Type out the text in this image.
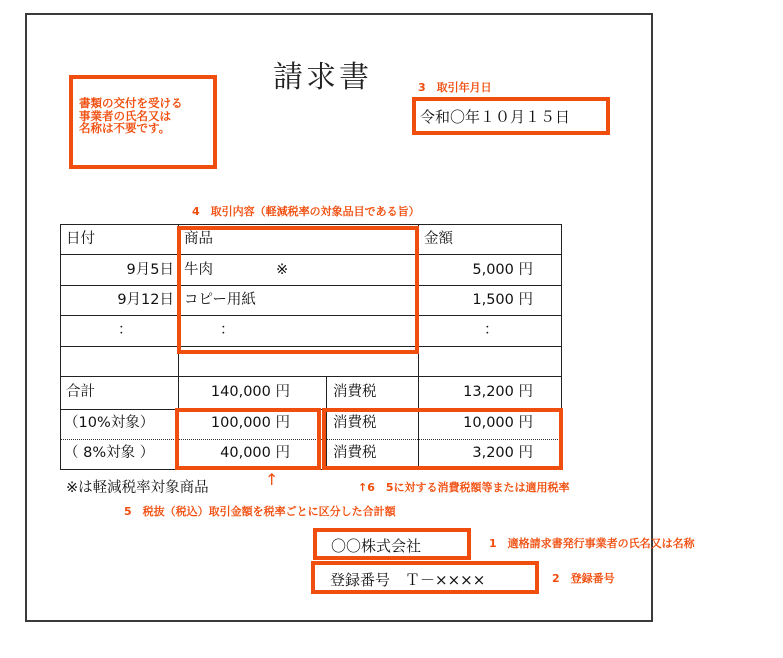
請求書
書類の交付を受ける
事業者の氏名又は
名称は不要です。
3　取引年月日
令和〇年１０月１５日
4　取引内容（軽減税率の対象品目である旨）
日付	商品	金額
9月5日 牛肉	※	5,000 円
9月12日 コピー用紙	1,500 円
：	：	：
合計	140,000 円	消費税	13,200 円
（10%対象）	100,000 円	消費税	10,000 円
（ 8%対象 ）	40,000 円	消費税	3,200 円
※は軽減税率対象商品	↑	↑6　5に対する消費税額等または適用税率
5　税抜（税込）取引金額を税率ごとに区分した合計額
〇〇株式会社	1　適格請求書発行事業者の氏名又は名称
登録番号　Ｔ－××××	2　登録番号
